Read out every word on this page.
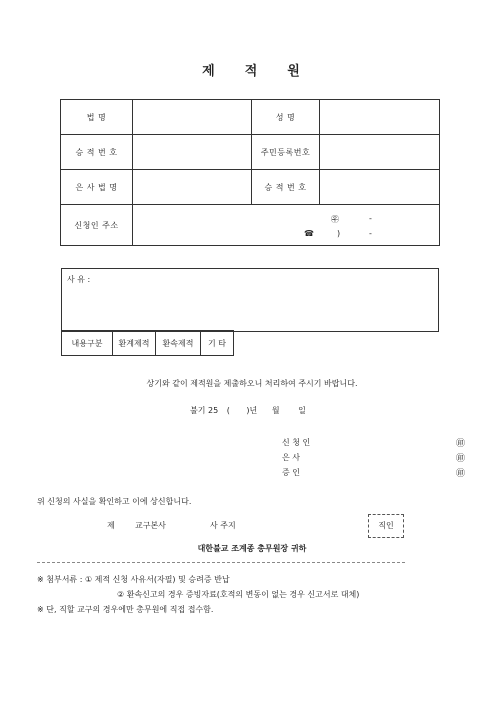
제 적 원
법 명		성 명	
승 적 번 호		주민등록번호	
은 사 법 명		승 적 번 호	
신청인 주소	㉾ -
☎ ) -		
사 유 :
내용구분	환계제적	환속제적	기 타
상기와 같이 제적원을 제출하오니 처리하여 주시기 바랍니다.
불기 25 ( )년 월 일
신 청 인	㊞
은 사	㊞
증 인	㊞
위 신청의 사실을 확인하고 이에 상신합니다.
제	교구본사	사 주지	직인
대한불교 조계종 총무원장 귀하
※ 첨부서류 : ① 제적 신청 사유서(자필) 및 승려증 반납
② 환속신고의 경우 증빙자료(호적의 변동이 없는 경우 신고서로 대체)
※ 단, 직할 교구의 경우에만 총무원에 직접 접수함.
